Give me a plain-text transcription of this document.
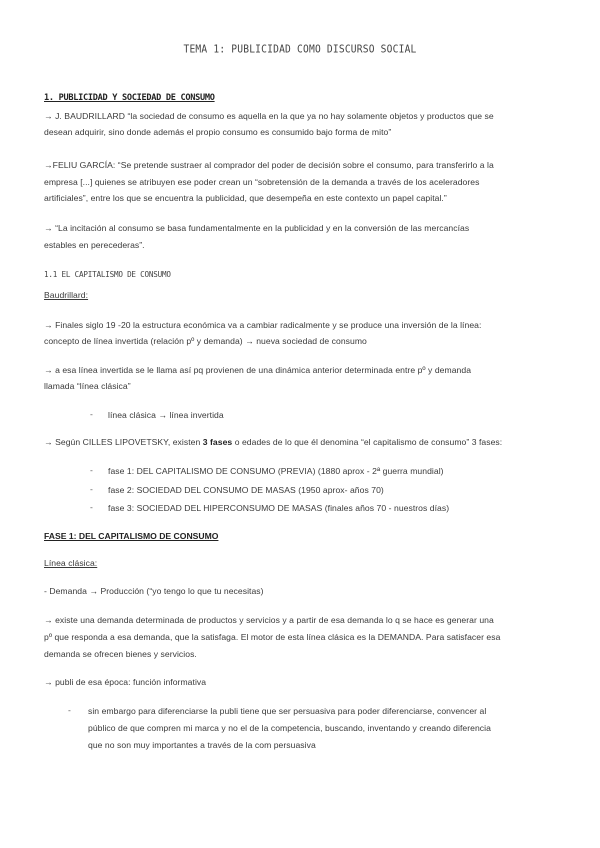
TEMA 1: PUBLICIDAD COMO DISCURSO SOCIAL
1. PUBLICIDAD Y SOCIEDAD DE CONSUMO
→ J. BAUDRILLARD “la sociedad de consumo es aquella en la que ya no hay solamente objetos y productos que se
desean adquirir, sino donde además el propio consumo es consumido bajo forma de mito”
→FELIU GARCÍA: “Se pretende sustraer al comprador del poder de decisión sobre el consumo, para transferirlo a la
empresa [...] quienes se atribuyen ese poder crean un “sobretensión de la demanda a través de los aceleradores
artificiales”, entre los que se encuentra la publicidad, que desempeña en este contexto un papel capital.”
→ “La incitación al consumo se basa fundamentalmente en la publicidad y en la conversión de las mercancías
estables en perecederas”.
1.1 EL CAPITALISMO DE CONSUMO
Baudrillard:
→ Finales siglo 19 -20 la estructura económica va a cambiar radicalmente y se produce una inversión de la línea:
concepto de línea invertida (relación pº y demanda) → nueva sociedad de consumo
→ a esa línea invertida se le llama así pq provienen de una dinámica anterior determinada entre pº y demanda
llamada “línea clásica”
- línea clásica → línea invertida
→ Según CILLES LIPOVETSKY, existen 3 fases o edades de lo que él denomina “el capitalismo de consumo” 3 fases:
- fase 1: DEL CAPITALISMO DE CONSUMO (PREVIA) (1880 aprox - 2ª guerra mundial)
- fase 2: SOCIEDAD DEL CONSUMO DE MASAS (1950 aprox- años 70)
- fase 3: SOCIEDAD DEL HIPERCONSUMO DE MASAS (finales años 70 - nuestros días)
FASE 1: DEL CAPITALISMO DE CONSUMO
Línea clásica:
- Demanda → Producción (“yo tengo lo que tu necesitas)
→ existe una demanda determinada de productos y servicios y a partir de esa demanda lo q se hace es generar una
pº que responda a esa demanda, que la satisfaga. El motor de esta línea clásica es la DEMANDA. Para satisfacer esa
demanda se ofrecen bienes y servicios.
→ publi de esa época: función informativa
- sin embargo para diferenciarse la publi tiene que ser persuasiva para poder diferenciarse, convencer al
público de que compren mi marca y no el de la competencia, buscando, inventando y creando diferencia
que no son muy importantes a través de la com persuasiva
